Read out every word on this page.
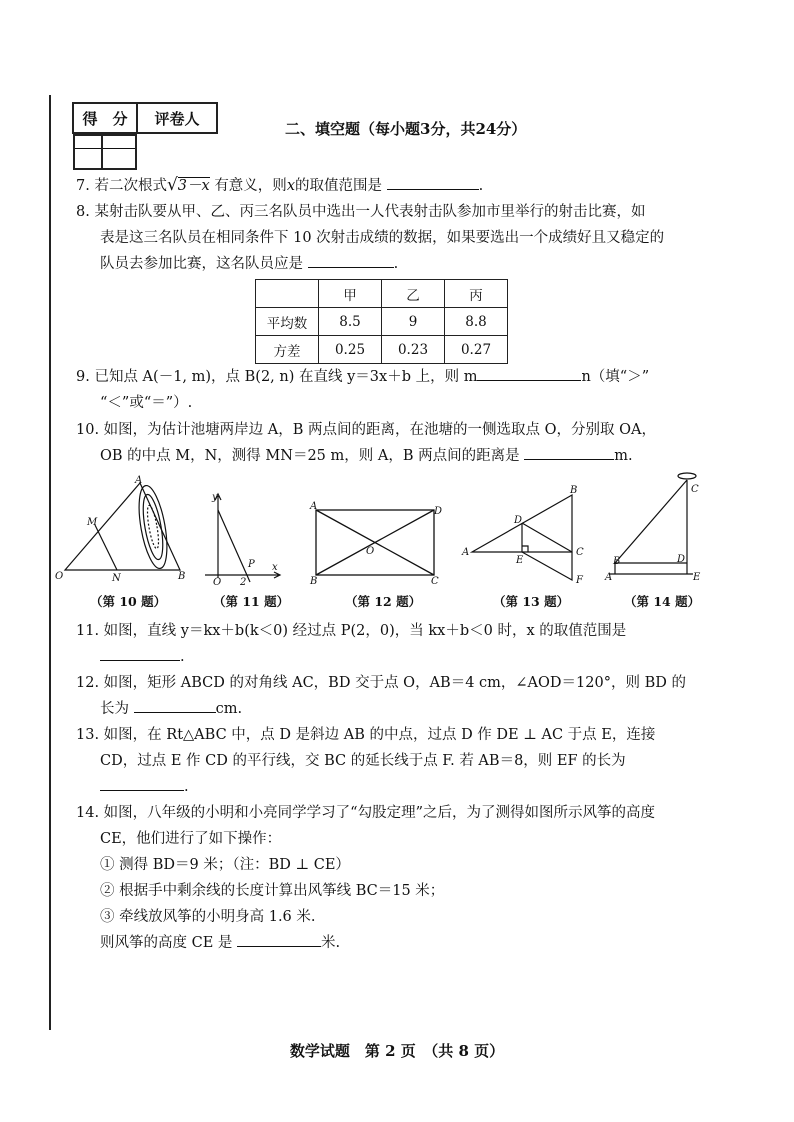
得　分	评卷人

二、填空题（每小题3分，共24分）
7. 若二次根式√3－x 有意义，则x的取值范围是	.
8. 某射击队要从甲、乙、丙三名队员中选出一人代表射击队参加市里举行的射击比赛，如
表是这三名队员在相同条件下 10 次射击成绩的数据，如果要选出一个成绩好且又稳定的
队员去参加比赛，这名队员应是	.
	甲	乙	丙
平均数	8.5	9	8.8
方差	0.25	0.23	0.27
9. 已知点 A(－1, m)，点 B(2, n) 在直线 y＝3x＋b 上，则 m	n（填“＞”
“＜”或“＝”）.
10. 如图，为估计池塘两岸边 A，B 两点间的距离，在池塘的一侧选取点 O，分别取 OA，
OB 的中点 M，N，测得 MN＝25 m，则 A，B 两点间的距离是	m.
O
A
M
N	B
y
x
O 2
P
A	D
O
B	C
A
B
C
D
E
F
C
B	D
A	E
（第 10 题）	（第 11 题）	（第 12 题）	（第 13 题）	（第 14 题）
11. 如图，直线 y＝kx＋b(k＜0) 经过点 P(2，0)，当 kx＋b＜0 时，x 的取值范围是
.
12. 如图，矩形 ABCD 的对角线 AC，BD 交于点 O，AB＝4 cm，∠AOD＝120°，则 BD 的
长为	cm.
13. 如图，在 Rt△ABC 中，点 D 是斜边 AB 的中点，过点 D 作 DE ⊥ AC 于点 E，连接
CD，过点 E 作 CD 的平行线，交 BC 的延长线于点 F. 若 AB＝8，则 EF 的长为
.
14. 如图，八年级的小明和小亮同学学习了“勾股定理”之后，为了测得如图所示风筝的高度
CE，他们进行了如下操作：
① 测得 BD＝9 米；（注：BD ⊥ CE）
② 根据手中剩余线的长度计算出风筝线 BC＝15 米；
③ 牵线放风筝的小明身高 1.6 米.
则风筝的高度 CE 是	米.
数学试题　第 2 页　（共 8 页）
